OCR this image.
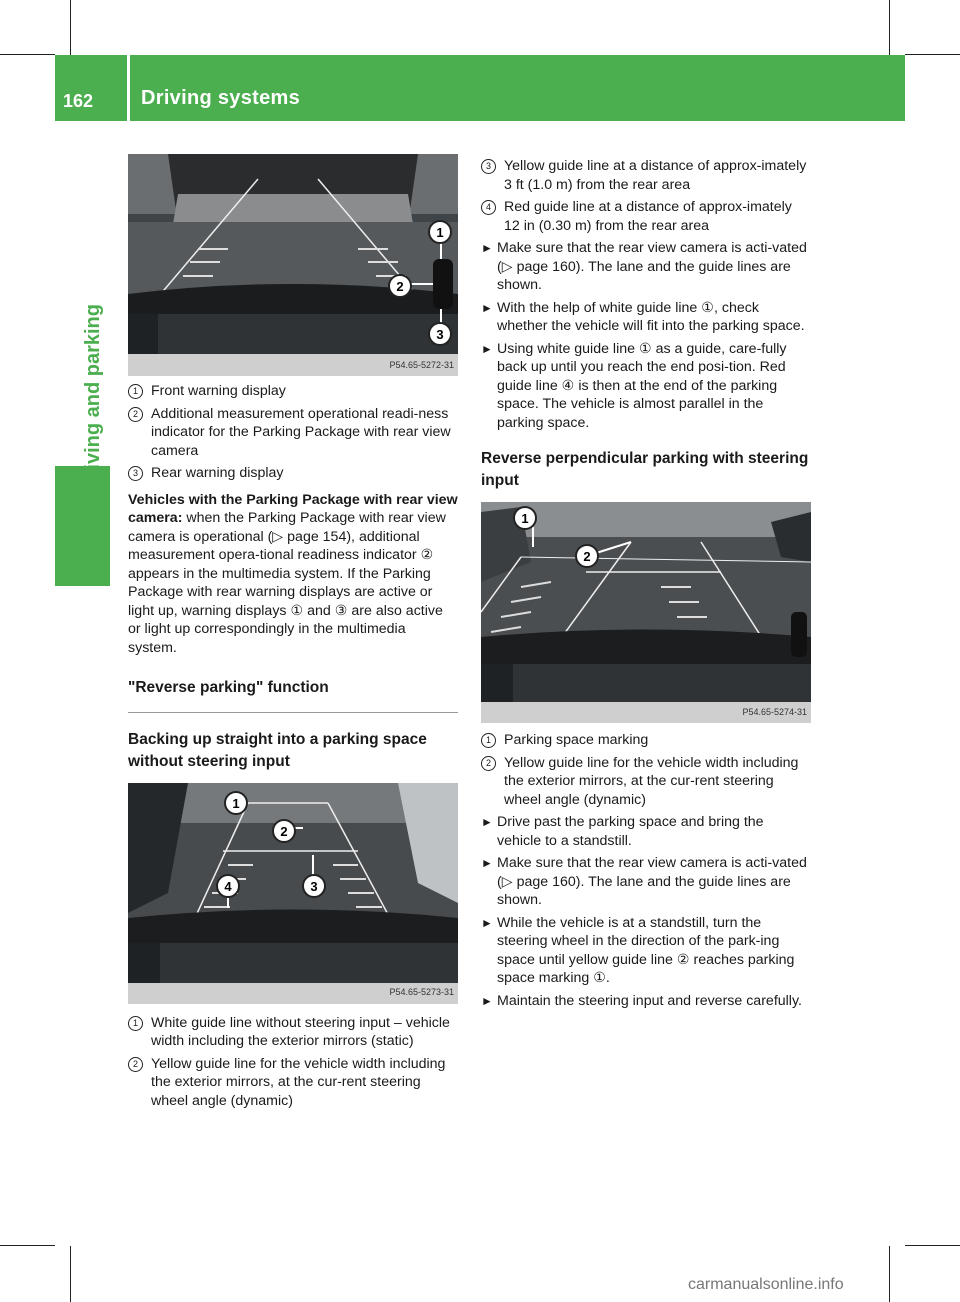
162 Driving systems
Driving and parking
1
2
3
P54.65-5272-31
1 Front warning display
2 Additional measurement operational readi-ness indicator for the Parking Package with rear view camera
3 Rear warning display

Vehicles with the Parking Package with rear view camera: when the Parking Package with rear view camera is operational (▷ page 154), additional measurement opera-tional readiness indicator ② appears in the multimedia system. If the Parking Package with rear warning displays are active or light up, warning displays ① and ③ are also active or light up correspondingly in the multimedia system.

"Reverse parking" function
Backing up straight into a parking space without steering input
1
2
3
4
P54.65-5273-31
1 White guide line without steering input – vehicle width including the exterior mirrors (static)
2 Yellow guide line for the vehicle width including the exterior mirrors, at the cur-rent steering wheel angle (dynamic)
3 Yellow guide line at a distance of approx-imately 3 ft (1.0 m) from the rear area
4 Red guide line at a distance of approx-imately 12 in (0.30 m) from the rear area
► Make sure that the rear view camera is acti-vated (▷ page 160). The lane and the guide lines are shown.
► With the help of white guide line ①, check whether the vehicle will fit into the parking space.
► Using white guide line ① as a guide, care-fully back up until you reach the end posi-tion. Red guide line ④ is then at the end of the parking space. The vehicle is almost parallel in the parking space.
Reverse perpendicular parking with steering input
1
2
P54.65-5274-31
1 Parking space marking
2 Yellow guide line for the vehicle width including the exterior mirrors, at the cur-rent steering wheel angle (dynamic)
► Drive past the parking space and bring the vehicle to a standstill.
► Make sure that the rear view camera is acti-vated (▷ page 160). The lane and the guide lines are shown.
► While the vehicle is at a standstill, turn the steering wheel in the direction of the park-ing space until yellow guide line ② reaches parking space marking ①.
► Maintain the steering input and reverse carefully.
carmanualsonline.info
